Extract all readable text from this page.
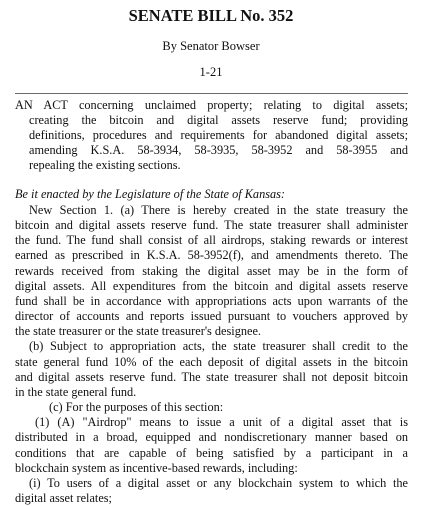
SENATE BILL No. 352
By Senator Bowser
1-21
AN ACT concerning unclaimed property; relating to digital assets;
creating the bitcoin and digital assets reserve fund; providing
definitions, procedures and requirements for abandoned digital assets;
amending K.S.A. 58-3934, 58-3935, 58-3952 and 58-3955 and
repealing the existing sections.
Be it enacted by the Legislature of the State of Kansas:
New Section 1. (a) There is hereby created in the state treasury the
bitcoin and digital assets reserve fund. The state treasurer shall administer
the fund. The fund shall consist of all airdrops, staking rewards or interest
earned as prescribed in K.S.A. 58-3952(f), and amendments thereto. The
rewards received from staking the digital asset may be in the form of
digital assets. All expenditures from the bitcoin and digital assets reserve
fund shall be in accordance with appropriations acts upon warrants of the
director of accounts and reports issued pursuant to vouchers approved by
the state treasurer or the state treasurer's designee.
(b) Subject to appropriation acts, the state treasurer shall credit to the
state general fund 10% of the each deposit of digital assets in the bitcoin
and digital assets reserve fund. The state treasurer shall not deposit bitcoin
in the state general fund.
(c) For the purposes of this section:
(1) (A) "Airdrop" means to issue a unit of a digital asset that is
distributed in a broad, equipped and nondiscretionary manner based on
conditions that are capable of being satisfied by a participant in a
blockchain system as incentive-based rewards, including:
(i) To users of a digital asset or any blockchain system to which the
digital asset relates;
